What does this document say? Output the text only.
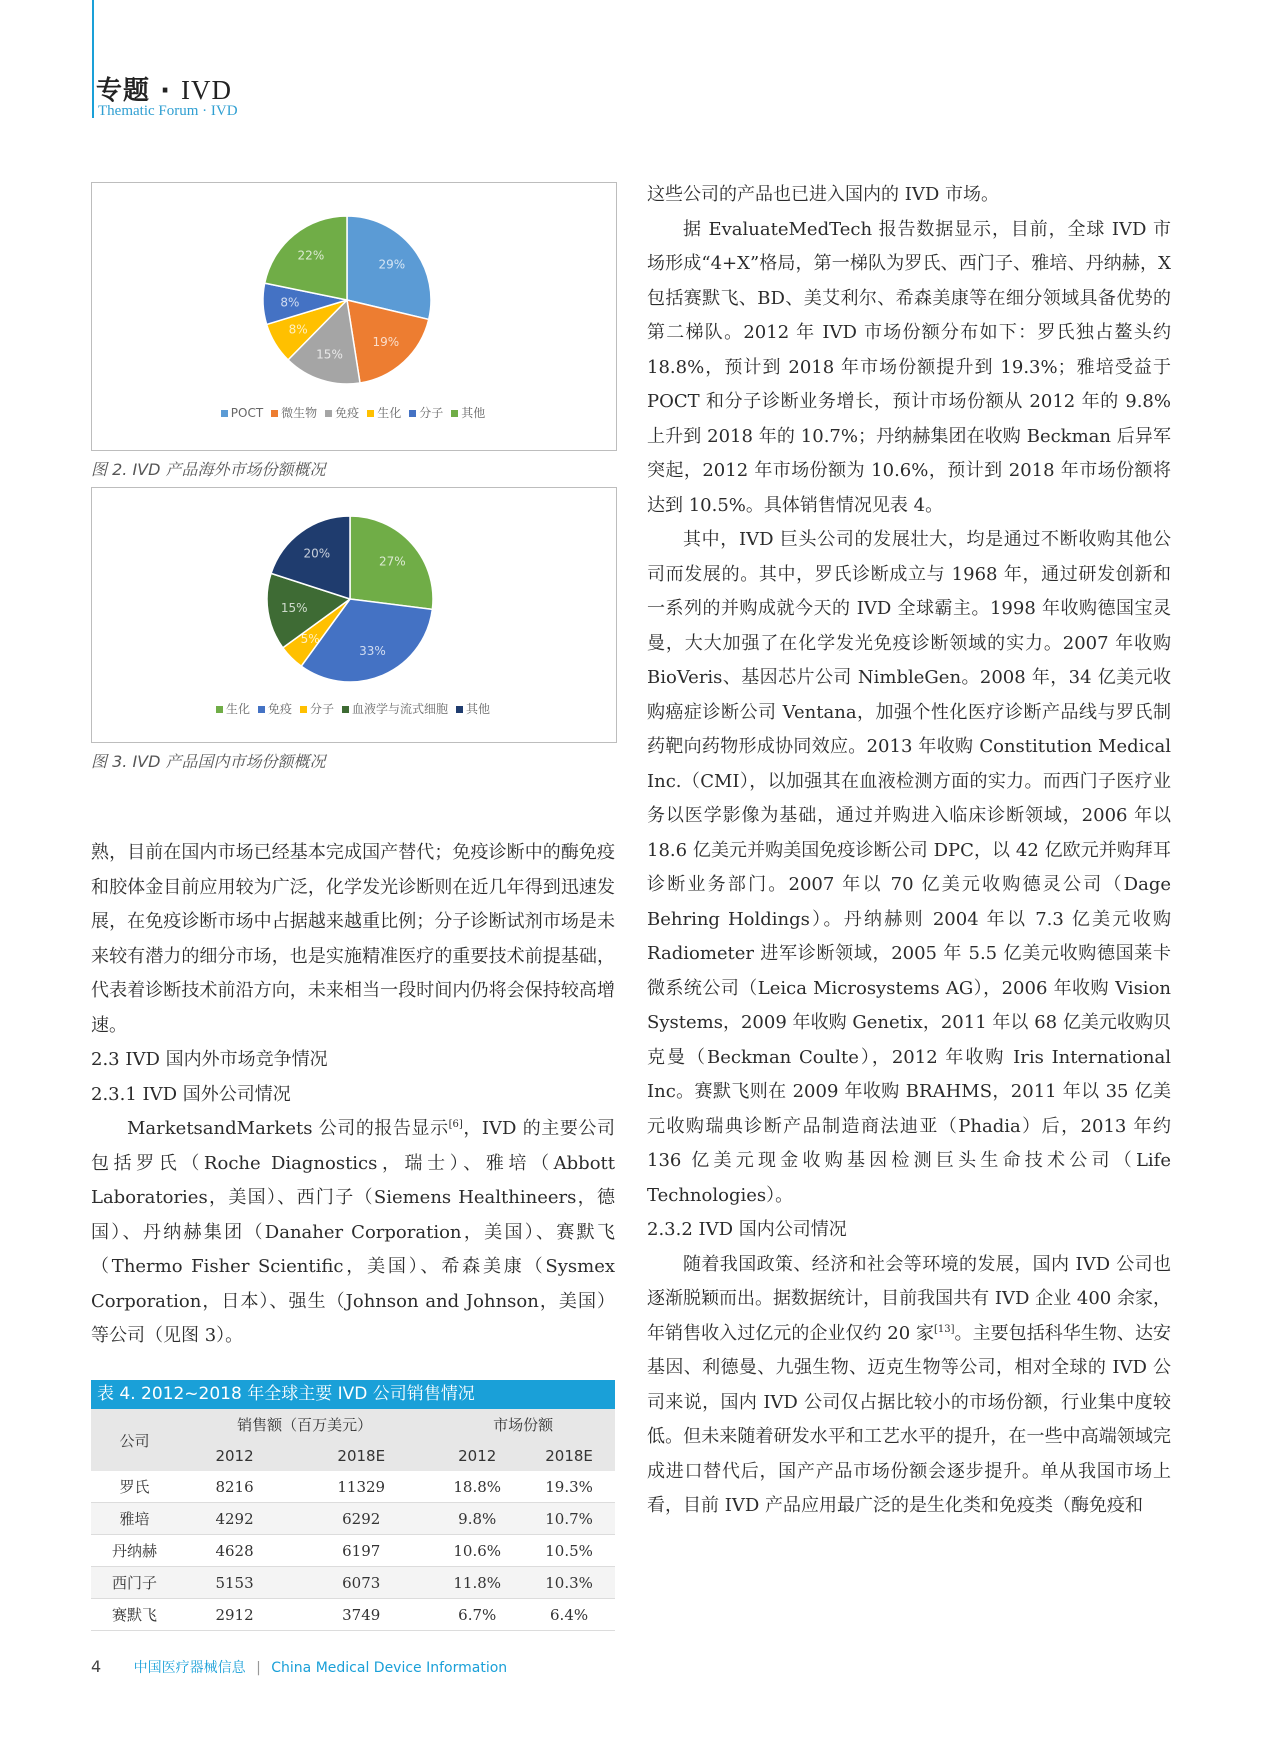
专题 · IVD
Thematic Forum · IVD
29%
19%
15%
8%
8%
22%
27%
33%
5%
15%
20%
POCT 微生物 免疫 生化 分子 其他
生化 免疫 分子 血液学与流式细胞 其他
图 2. IVD 产品海外市场份额概况
图 3. IVD 产品国内市场份额概况

熟，目前在国内市场已经基本完成国产替代；免疫诊断中的酶免疫和胶体金目前应用较为广泛，化学发光诊断则在近几年得到迅速发展，在免疫诊断市场中占据越来越重比例；分子诊断试剂市场是未来较有潜力的细分市场，也是实施精准医疗的重要技术前提基础，代表着诊断技术前沿方向，未来相当一段时间内仍将会保持较高增速。

2.3 IVD 国内外市场竞争情况

2.3.1 IVD 国外公司情况

MarketsandMarkets 公司的报告显示[6]，IVD 的主要公司包括罗氏（Roche Diagnostics，瑞士）、雅培（Abbott Laboratories，美国）、西门子（Siemens Healthineers，德国）、丹纳赫集团（Danaher Corporation，美国）、赛默飞（Thermo Fisher Scientific，美国）、希森美康（Sysmex Corporation，日本）、强生（Johnson and Johnson，美国）等公司（见图 3）。

这些公司的产品也已进入国内的 IVD 市场。

据 EvaluateMedTech 报告数据显示，目前，全球 IVD 市场形成“4+X”格局，第一梯队为罗氏、西门子、雅培、丹纳赫，X包括赛默飞、BD、美艾利尔、希森美康等在细分领域具备优势的第二梯队。2012 年 IVD 市场份额分布如下：罗氏独占鳌头约 18.8%，预计到 2018 年市场份额提升到 19.3%；雅培受益于 POCT 和分子诊断业务增长，预计市场份额从 2012 年的 9.8% 上升到 2018 年的 10.7%；丹纳赫集团在收购 Beckman 后异军突起，2012 年市场份额为 10.6%，预计到 2018 年市场份额将达到 10.5%。具体销售情况见表 4。

其中，IVD 巨头公司的发展壮大，均是通过不断收购其他公司而发展的。其中，罗氏诊断成立与 1968 年，通过研发创新和一系列的并购成就今天的 IVD 全球霸主。1998 年收购德国宝灵曼，大大加强了在化学发光免疫诊断领域的实力。2007 年收购 BioVeris、基因芯片公司 NimbleGen。2008 年，34 亿美元收购癌症诊断公司 Ventana，加强个性化医疗诊断产品线与罗氏制药靶向药物形成协同效应。2013 年收购 Constitution Medical Inc.（CMI），以加强其在血液检测方面的实力。而西门子医疗业务以医学影像为基础，通过并购进入临床诊断领域，2006 年以 18.6 亿美元并购美国免疫诊断公司 DPC，以 42 亿欧元并购拜耳诊断业务部门。2007 年以 70 亿美元收购德灵公司（Dage Behring Holdings）。丹纳赫则 2004 年以 7.3 亿美元收购 Radiometer 进军诊断领域，2005 年 5.5 亿美元收购德国莱卡微系统公司（Leica Microsystems AG），2006 年收购 Vision Systems，2009 年收购 Genetix，2011 年以 68 亿美元收购贝克曼（Beckman Coulte），2012 年收购 Iris International Inc。赛默飞则在 2009 年收购 BRAHMS，2011 年以 35 亿美元收购瑞典诊断产品制造商法迪亚（Phadia）后，2013 年约 136 亿美元现金收购基因检测巨头生命技术公司（Life Technologies）。

2.3.2 IVD 国内公司情况

随着我国政策、经济和社会等环境的发展，国内 IVD 公司也逐渐脱颖而出。据数据统计，目前我国共有 IVD 企业 400 余家，年销售收入过亿元的企业仅约 20 家[13]。主要包括科华生物、达安基因、利德曼、九强生物、迈克生物等公司，相对全球的 IVD 公司来说，国内 IVD 公司仅占据比较小的市场份额，行业集中度较低。但未来随着研发水平和工艺水平的提升，在一些中高端领域完成进口替代后，国产产品市场份额会逐步提升。单从我国市场上看，目前 IVD 产品应用最广泛的是生化类和免疫类（酶免疫和

表 4. 2012~2018 年全球主要 IVD 公司销售情况
公司	销售额（百万美元）		市场份额	
	2012	2018E	2012	2018E
罗氏	8216	11329	18.8%	19.3%
雅培	4292	6292	9.8%	10.7%
丹纳赫	4628	6197	10.6%	10.5%
西门子	5153	6073	11.8%	10.3%
赛默飞	2912	3749	6.7%	6.4%
4 中国医疗器械信息 | China Medical Device Information
